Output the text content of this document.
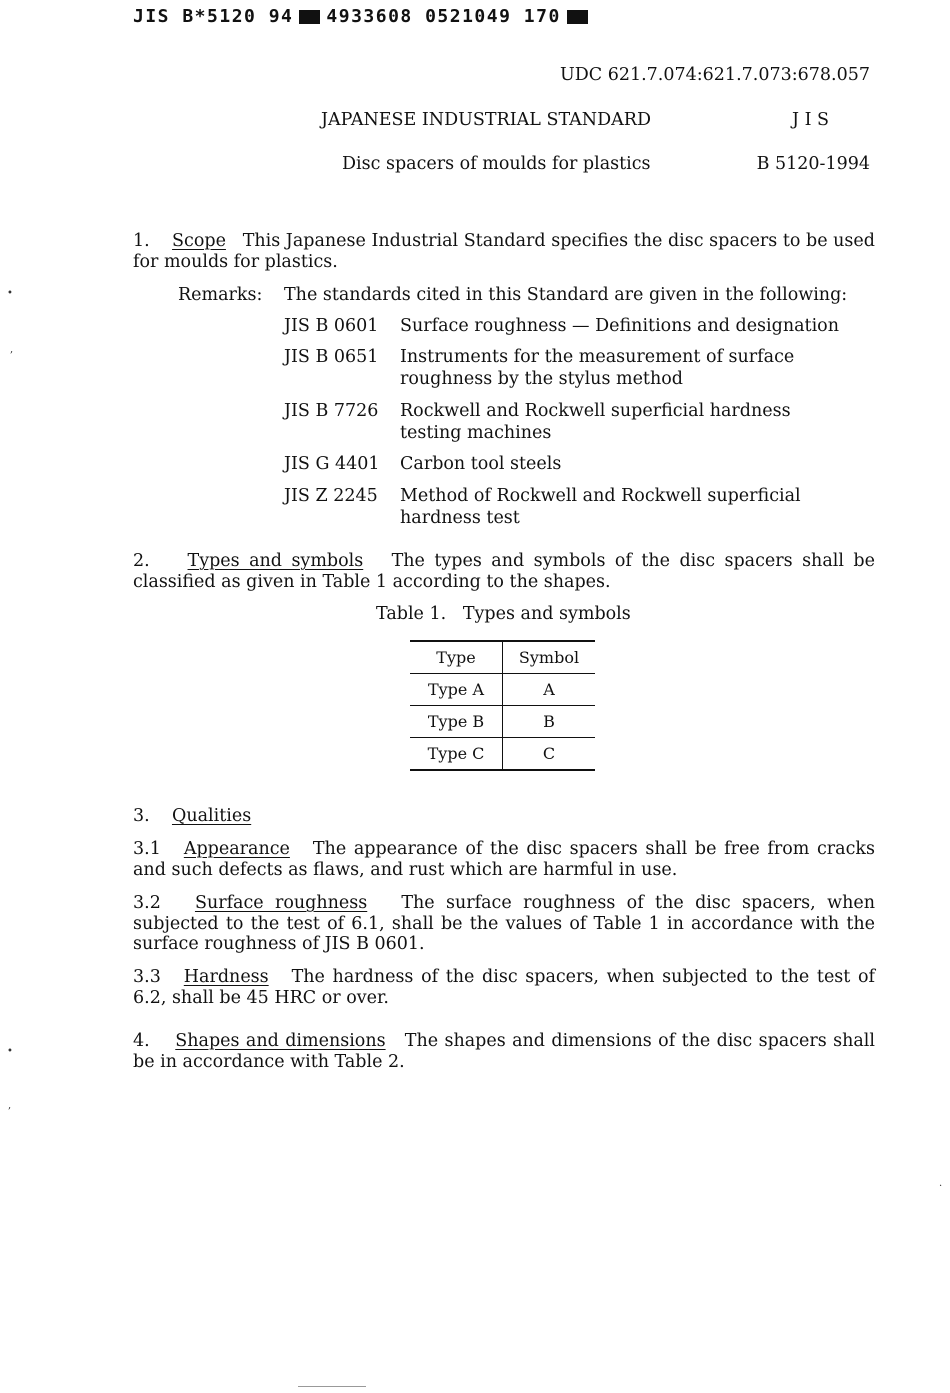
JIS B*5120 94 4933608 0521049 170
UDC 621.7.074:621.7.073:678.057
JAPANESE INDUSTRIAL STANDARD	J I S
Disc spacers of moulds for plastics	B 5120-1994
1. Scope This Japanese Industrial Standard specifies the disc spacers to be used for moulds for plastics.
Remarks: The standards cited in this Standard are given in the following:
JIS B 0601	Surface roughness — Definitions and designation
JIS B 0651	Instruments for the measurement of surface roughness by the stylus method
JIS B 7726	Rockwell and Rockwell superficial hardness testing machines
JIS G 4401	Carbon tool steels
JIS Z 2245	Method of Rockwell and Rockwell superficial hardness test
2. Types and symbols The types and symbols of the disc spacers shall be classified as given in Table 1 according to the shapes.
Table 1.   Types and symbols
Type	Symbol
Type A	A
Type B	B
Type C	C
3. Qualities
3.1 Appearance The appearance of the disc spacers shall be free from cracks and such defects as flaws, and rust which are harmful in use.
3.2 Surface roughness The surface roughness of the disc spacers, when subjected to the test of 6.1, shall be the values of Table 1 in accordance with the surface roughness of JIS B 0601.
3.3 Hardness The hardness of the disc spacers, when subjected to the test of 6.2, shall be 45 HRC or over.
4. Shapes and dimensions The shapes and dimensions of the disc spacers shall be in accordance with Table 2.
•
,
•
,
.
